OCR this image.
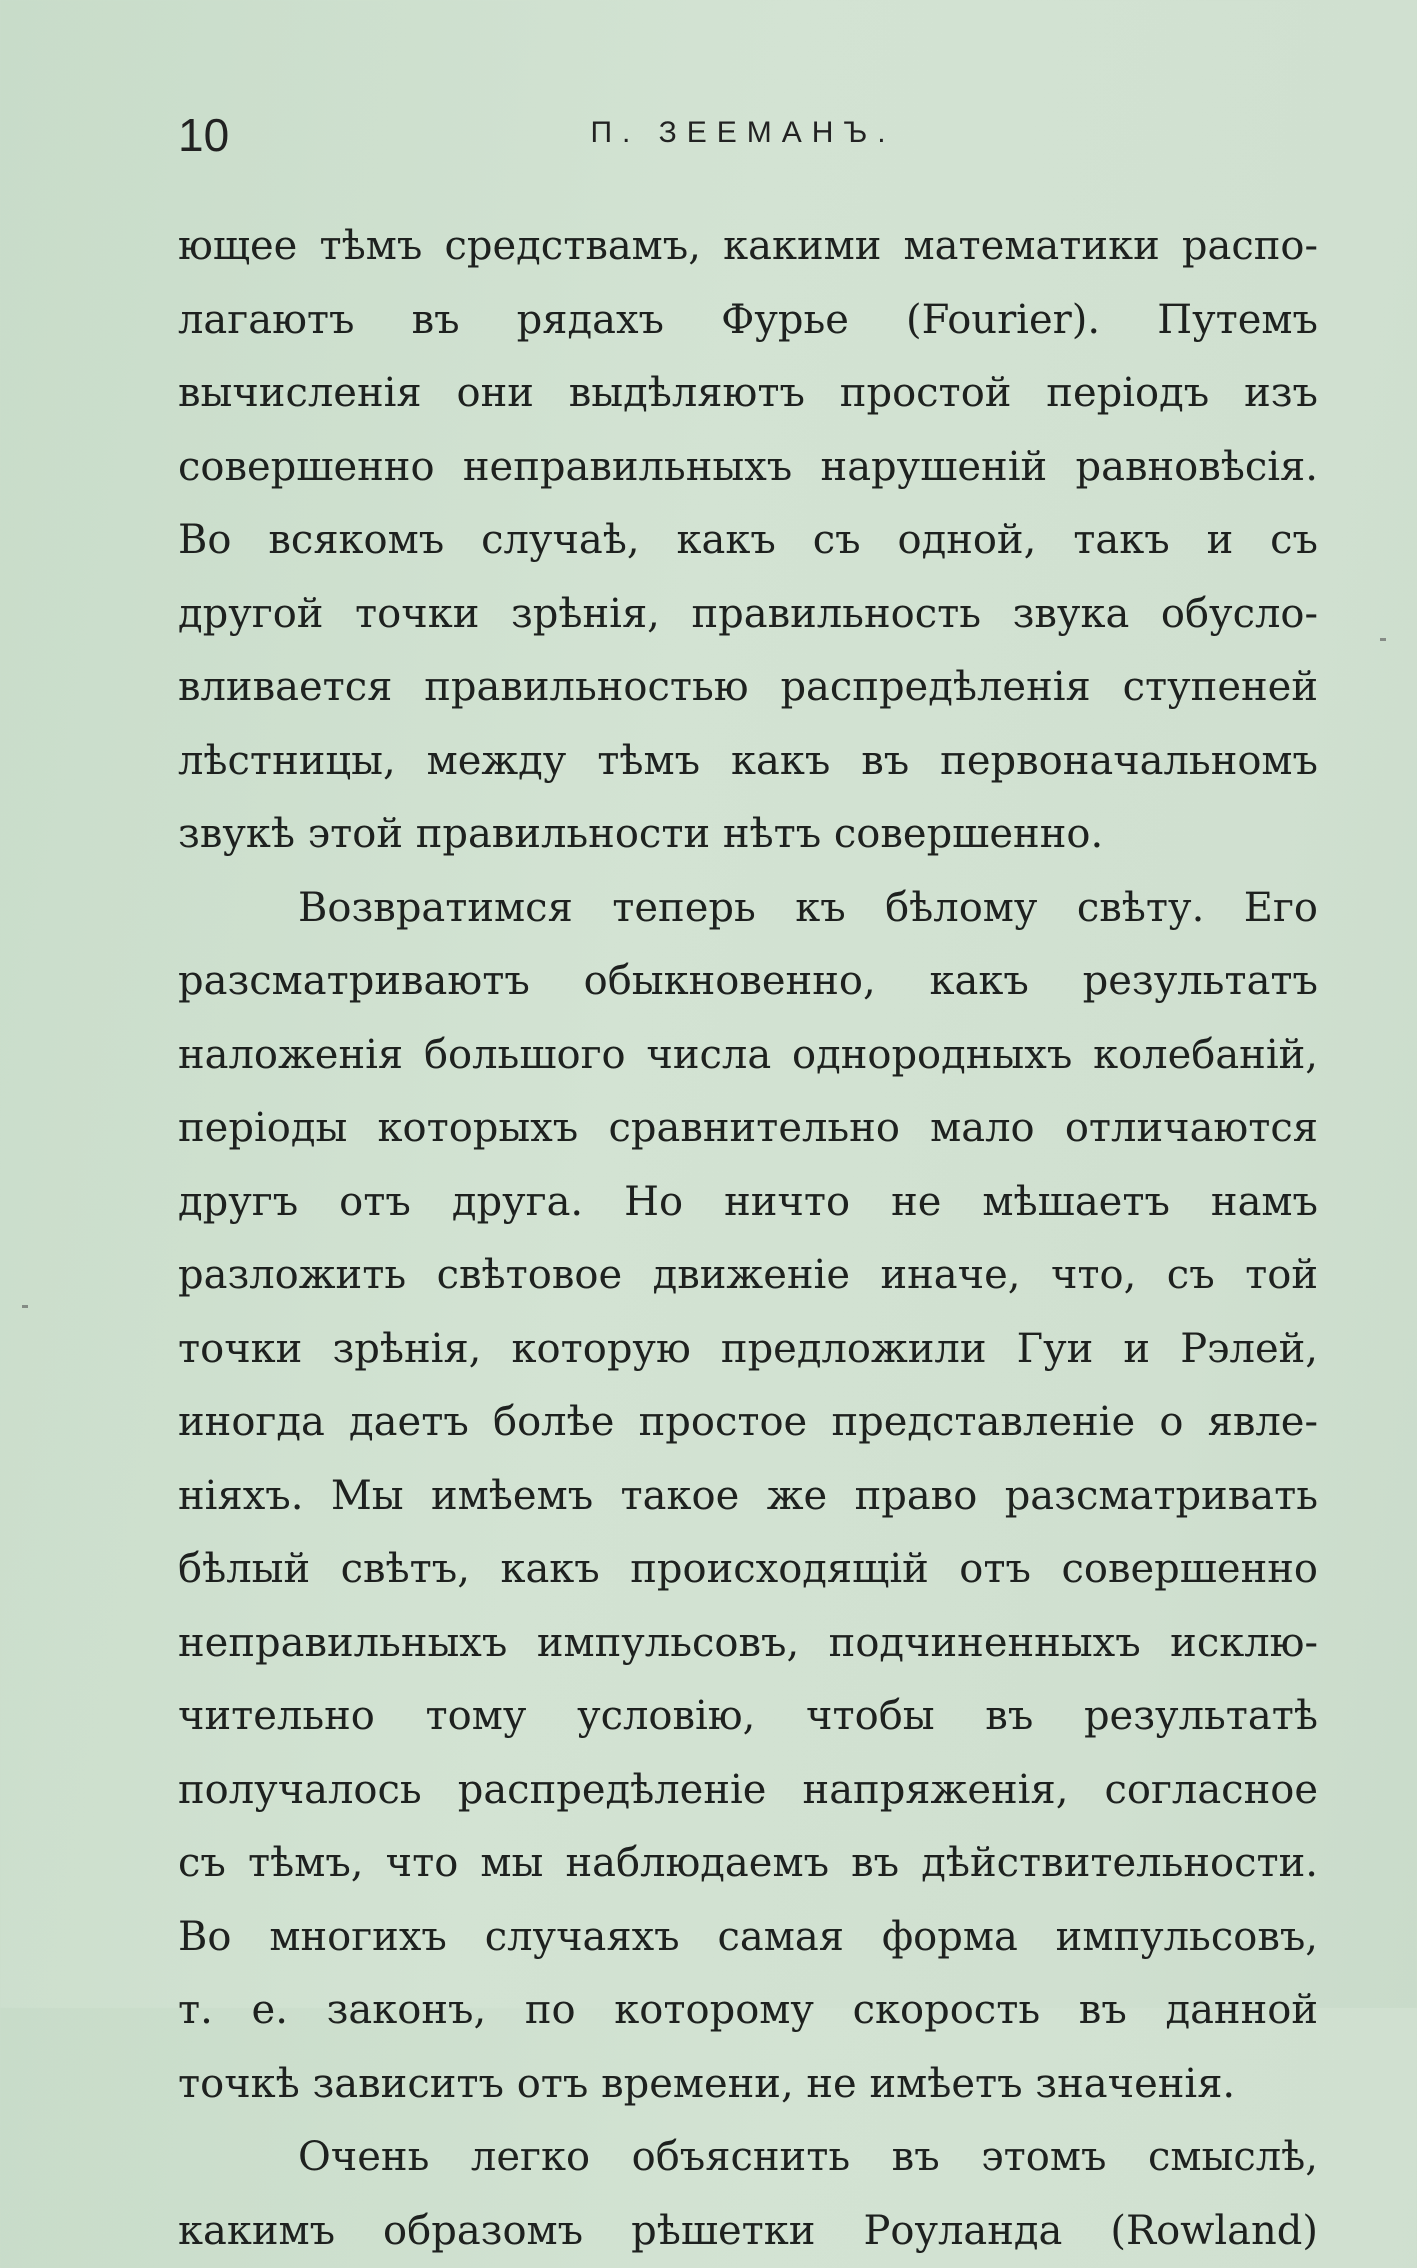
10	П. ЗЕЕМАНЪ.
ющее тѣмъ средствамъ, какими математики распо-
лагаютъ въ рядахъ Фурье (Fourier). Путемъ
вычисленія они выдѣляютъ простой періодъ изъ
совершенно неправильныхъ нарушеній равновѣсія.
Во всякомъ случаѣ, какъ съ одной, такъ и съ
другой точки зрѣнія, правильность звука обусло-
вливается правильностью распредѣленія ступеней
лѣстницы, между тѣмъ какъ въ первоначальномъ
звукѣ этой правильности нѣтъ совершенно.
Возвратимся теперь къ бѣлому свѣту. Его
разсматриваютъ обыкновенно, какъ результатъ
наложенія большого числа однородныхъ колебаній,
періоды которыхъ сравнительно мало отличаются
другъ отъ друга. Но ничто не мѣшаетъ намъ
разложить свѣтовое движеніе иначе, что, съ той
точки зрѣнія, которую предложили Гуи и Рэлей,
иногда даетъ болѣе простое представленіе о явле-
ніяхъ. Мы имѣемъ такое же право разсматривать
бѣлый свѣтъ, какъ происходящій отъ совершенно
неправильныхъ импульсовъ, подчиненныхъ исклю-
чительно тому условію, чтобы въ результатѣ
получалось распредѣленіе напряженія, согласное
съ тѣмъ, что мы наблюдаемъ въ дѣйствительности.
Во многихъ случаяхъ самая форма импульсовъ,
т. е. законъ, по которому скорость въ данной
точкѣ зависитъ отъ времени, не имѣетъ значенія.
Очень легко объяснить въ этомъ смыслѣ,
какимъ образомъ рѣшетки Роуланда (Rowland)
